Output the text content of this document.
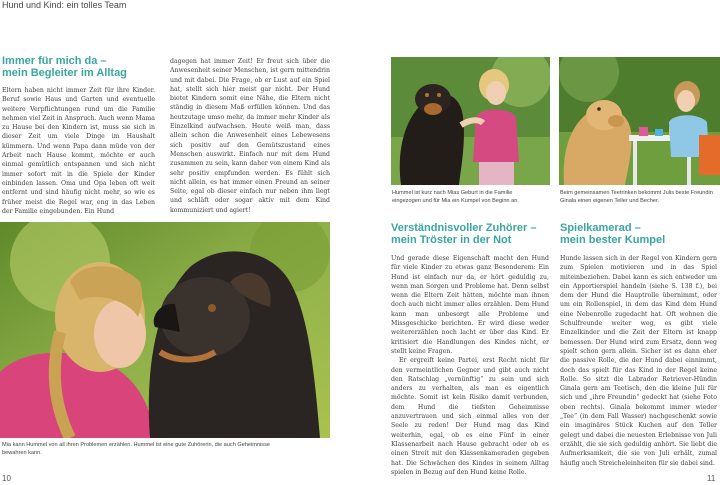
Hund und Kind: ein tolles Team
Immer für mich da –
mein Begleiter im Alltag

Eltern haben nicht immer Zeit für ihre Kinder. Beruf sowie Haus und Garten und eventuelle weitere Verpflichtungen rund um die Familie nehmen viel Zeit in Anspruch. Auch wenn Mama zu Hause bei den Kindern ist, muss sie sich in dieser Zeit um viele Dinge im Haushalt kümmern. Und wenn Papa dann müde von der Arbeit nach Hause kommt, möchte er auch einmal gemütlich entspannen und sich nicht immer sofort mit in die Spiele der Kinder einbinden lassen. Oma und Opa leben oft weit entfernt und sind häufig nicht mehr, so wie es früher meist die Regel war, eng in das Leben der Familie eingebunden. Ein Hund

dagegen hat immer Zeit! Er freut sich über die Anwesenheit seiner Menschen, ist gern mittendrin und mit dabei. Die Frage, ob er Lust auf ein Spiel hat, stellt sich hier meist gar nicht. Der Hund bietet Kindern somit eine Nähe, die Eltern nicht ständig in diesem Maß erfüllen können. Und das heutzutage umso mehr, da immer mehr Kinder als Einzelkind aufwachsen. Heute weiß man, dass allein schon die Anwesenheit eines Lebewesens sich positiv auf den Gemütszustand eines Menschen auswirkt. Einfach nur mit dem Hund zusammen zu sein, kann daher von einem Kind als sehr positiv empfunden werden. Es fühlt sich nicht allein, es hat immer einen Freund an seiner Seite, egal ob dieser einfach nur neben ihm liegt und schläft oder sogar aktiv mit dem Kind kommuniziert und agiert!

Mia kann Hummel von all ihren Problemen erzählen. Hummel ist eine gute Zuhörerin, die auch Geheimnisse bewahren kann.
10
Hummel ist kurz nach Mias Geburt in die Familie eingezogen und für Mia ein Kumpel von Beginn an.
Beim gemeinsamen Teetrinken bekommt Julis beste Freundin Ginala einen eigenen Teller und Becher.
Verständnisvoller Zuhörer –
mein Tröster in der Not

Und gerade diese Eigenschaft macht den Hund für viele Kinder zu etwas ganz Besonderem: Ein Hund ist einfach nur da, er hört geduldig zu, wenn man Sorgen und Probleme hat. Denn selbst wenn die Eltern Zeit hätten, möchte man ihnen doch auch nicht immer alles erzählen. Dem Hund kann man unbesorgt alle Probleme und Missgeschicke berichten. Er wird diese weder weitererzählen noch lacht er über das Kind. Er kritisiert die Handlungen des Kindes nicht, er stellt keine Fragen.

Er ergreift keine Partei, erst Recht nicht für den vermeintlichen Gegner und gibt auch nicht den Ratschlag „vernünftig“ zu sein und sich anders zu verhalten, als man es eigentlich möchte. Somit ist kein Risiko damit verbunden, dem Hund die tiefsten Geheimnisse anzuvertrauen und sich einmal alles von der Seele zu reden! Der Hund mag das Kind weiterhin, egal, ob es eine Fünf in einer Klassenarbeit nach Hause gebracht oder ob es einen Streit mit den Klassenkameraden gegeben hat. Die Schwächen des Kindes in seinem Alltag spielen in Bezug auf den Hund keine Rolle.

Spielkamerad –
mein bester Kumpel

Hunde lassen sich in der Regel von Kindern gern zum Spielen motivieren und in das Spiel miteinbeziehen. Dabei kann es sich entweder um ein Apportierspiel handeln (siehe S. 138 f.), bei dem der Hund die Hauptrolle übernimmt, oder um ein Rollenspiel, in dem das Kind dem Hund eine Nebenrolle zugedacht hat. Oft wohnen die Schulfreunde weiter weg, es gibt viele Einzelkinder und die Zeit der Eltern ist knapp bemessen. Der Hund wird zum Ersatz, denn weg spielt schon gern allein. Sicher ist es dann eher die passive Rolle, die der Hund dabei einnimmt, doch das spielt für das Kind in der Regel keine Rolle. So sitzt die Labrador Retriever-Hündin Ginala gern am Teetisch, den die kleine Juli für sich und „ihre Freundin“ gedeckt hat (siehe Foto oben rechts). Ginala bekommt immer wieder „Tee“ (in dem Fall Wasser) nachgeschenkt sowie ein imaginäres Stück Kuchen auf den Teller gelegt und dabei die neuesten Erlebnisse von Juli erzählt, die sie sich geduldig anhört. Sie liebt die Aufmerksamkeit, die sie von Juli erhält, zumal häufig auch Streicheleinheiten für sie dabei sind.

11
